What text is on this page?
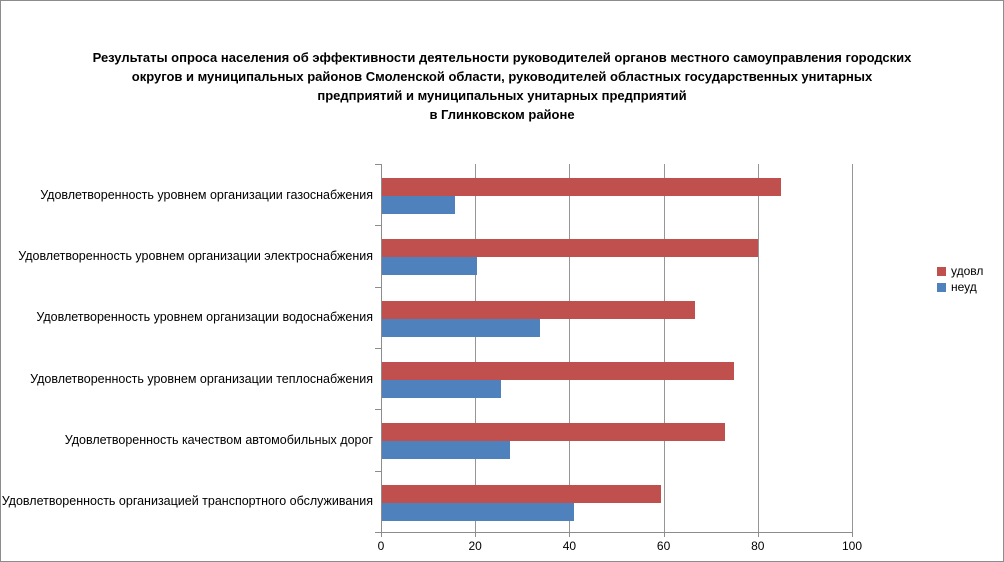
Результаты опроса населения об эффективности деятельности руководителей органов местного самоуправления городских
округов и муниципальных районов Смоленской области, руководителей областных государственных унитарных
предприятий и муниципальных унитарных предприятий
в Глинковском районе
Удовлетворенность уровнем организации газоснабжения
Удовлетворенность уровнем организации электроснабжения
Удовлетворенность уровнем организации водоснабжения
Удовлетворенность уровнем организации теплоснабжения
Удовлетворенность качеством автомобильных дорог
Удовлетворенность организацией транспортного обслуживания
0	20	40	60	80	100
удовл
неуд
